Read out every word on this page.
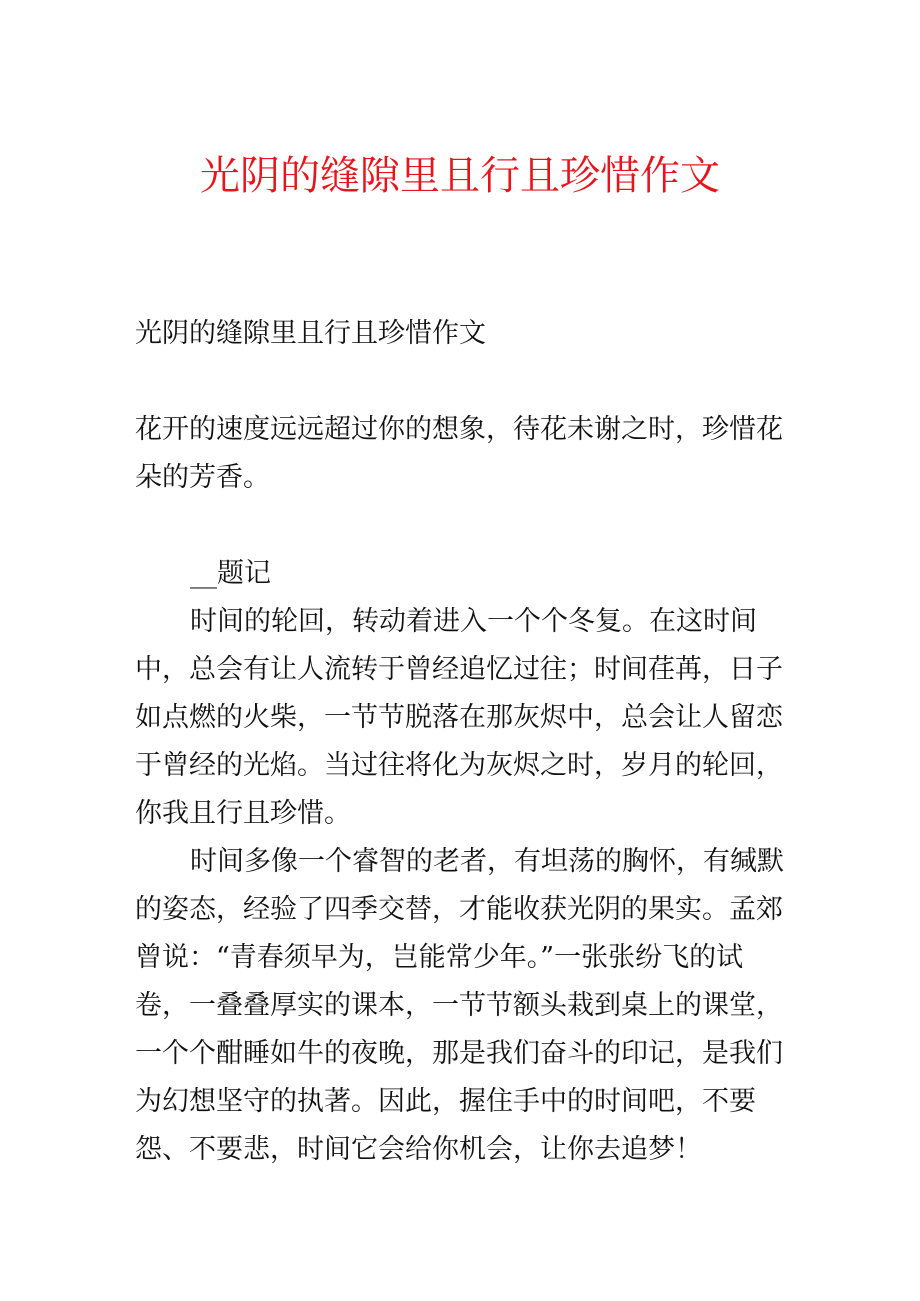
光阴的缝隙里且行且珍惜作文

光阴的缝隙里且行且珍惜作文

花开的速度远远超过你的想象，待花未谢之时，珍惜花朵的芳香。

__题记

时间的轮回，转动着进入一个个冬复。在这时间中，总会有让人流转于曾经追忆过往；时间荏苒，日子如点燃的火柴，一节节脱落在那灰烬中，总会让人留恋于曾经的光焰。当过往将化为灰烬之时，岁月的轮回，你我且行且珍惜。

时间多像一个睿智的老者，有坦荡的胸怀，有缄默的姿态，经验了四季交替，才能收获光阴的果实。孟郊曾说：“青春须早为，岂能常少年。”一张张纷飞的试卷，一叠叠厚实的课本，一节节额头栽到桌上的课堂，一个个酣睡如牛的夜晚，那是我们奋斗的印记，是我们为幻想坚守的执著。因此，握住手中的时间吧，不要怨、不要悲，时间它会给你机会，让你去追梦！
